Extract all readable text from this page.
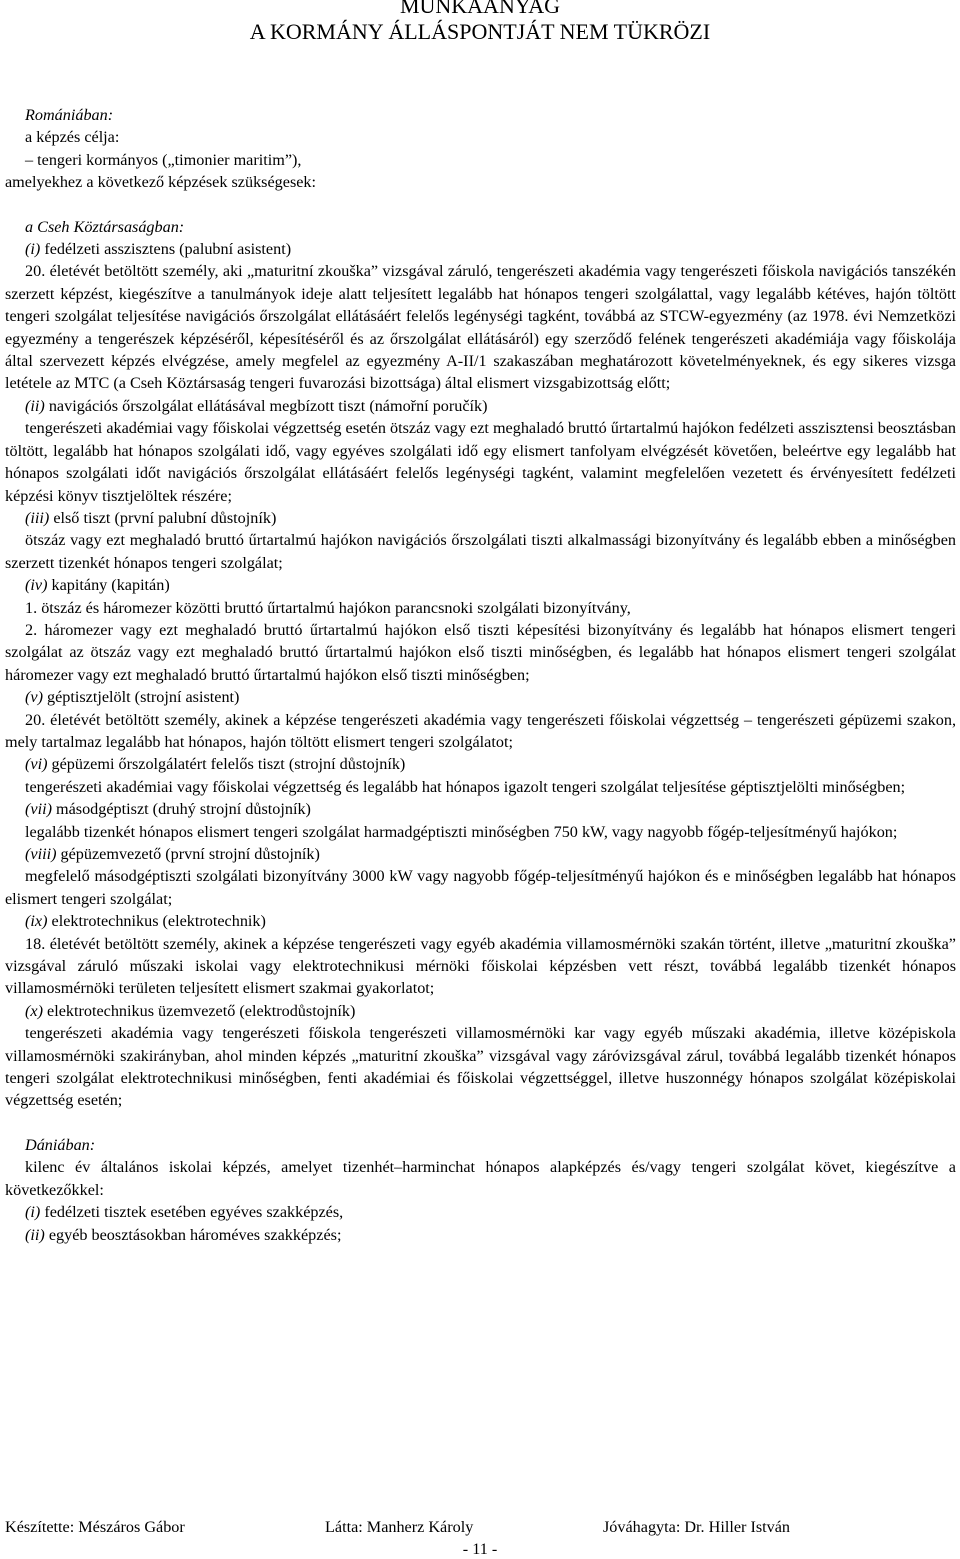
MUNKAANYAG
A KORMÁNY ÁLLÁSPONTJÁT NEM TÜKRÖZI

Romániában:

a képzés célja:

– tengeri kormányos („timonier maritim”),

amelyekhez a következő képzések szükségesek:

a Cseh Köztársaságban:

(i) fedélzeti asszisztens (palubní asistent)

20. életévét betöltött személy, aki „maturitní zkouška” vizsgával záruló, tengerészeti akadémia vagy tengerészeti főiskola navigációs tanszékén szerzett képzést, kiegészítve a tanulmányok ideje alatt teljesített legalább hat hónapos tengeri szolgálattal, vagy legalább kétéves, hajón töltött tengeri szolgálat teljesítése navigációs őrszolgálat ellátásáért felelős legénységi tagként, továbbá az STCW-egyezmény (az 1978. évi Nemzetközi egyezmény a tengerészek képzéséről, képesítéséről és az őrszolgálat ellátásáról) egy szerződő felének tengerészeti akadémiája vagy főiskolája által szervezett képzés elvégzése, amely megfelel az egyezmény A-II/1 szakaszában meghatározott követelményeknek, és egy sikeres vizsga letétele az MTC (a Cseh Köztársaság tengeri fuvarozási bizottsága) által elismert vizsgabizottság előtt;

(ii) navigációs őrszolgálat ellátásával megbízott tiszt (námořní poručík)

tengerészeti akadémiai vagy főiskolai végzettség esetén ötszáz vagy ezt meghaladó bruttó űrtartalmú hajókon fedélzeti asszisztensi beosztásban töltött, legalább hat hónapos szolgálati idő, vagy egyéves szolgálati idő egy elismert tanfolyam elvégzését követően, beleértve egy legalább hat hónapos szolgálati időt navigációs őrszolgálat ellátásáért felelős legénységi tagként, valamint megfelelően vezetett és érvényesített fedélzeti képzési könyv tisztjelöltek részére;

(iii) első tiszt (první palubní důstojník)

ötszáz vagy ezt meghaladó bruttó űrtartalmú hajókon navigációs őrszolgálati tiszti alkalmassági bizonyítvány és legalább ebben a minőségben szerzett tizenkét hónapos tengeri szolgálat;

(iv) kapitány (kapitán)

1. ötszáz és háromezer közötti bruttó űrtartalmú hajókon parancsnoki szolgálati bizonyítvány,

2. háromezer vagy ezt meghaladó bruttó űrtartalmú hajókon első tiszti képesítési bizonyítvány és legalább hat hónapos elismert tengeri szolgálat az ötszáz vagy ezt meghaladó bruttó űrtartalmú hajókon első tiszti minőségben, és legalább hat hónapos elismert tengeri szolgálat háromezer vagy ezt meghaladó bruttó űrtartalmú hajókon első tiszti minőségben;

(v) géptisztjelölt (strojní asistent)

20. életévét betöltött személy, akinek a képzése tengerészeti akadémia vagy tengerészeti főiskolai végzettség – tengerészeti gépüzemi szakon, mely tartalmaz legalább hat hónapos, hajón töltött elismert tengeri szolgálatot;

(vi) gépüzemi őrszolgálatért felelős tiszt (strojní důstojník)

tengerészeti akadémiai vagy főiskolai végzettség és legalább hat hónapos igazolt tengeri szolgálat teljesítése géptisztjelölti minőségben;

(vii) másodgéptiszt (druhý strojní důstojník)

legalább tizenkét hónapos elismert tengeri szolgálat harmadgéptiszti minőségben 750 kW, vagy nagyobb főgép-teljesítményű hajókon;

(viii) gépüzemvezető (první strojní důstojník)

megfelelő másodgéptiszti szolgálati bizonyítvány 3000 kW vagy nagyobb főgép-teljesítményű hajókon és e minőségben legalább hat hónapos elismert tengeri szolgálat;

(ix) elektrotechnikus (elektrotechnik)

18. életévét betöltött személy, akinek a képzése tengerészeti vagy egyéb akadémia villamosmérnöki szakán történt, illetve „maturitní zkouška” vizsgával záruló műszaki iskolai vagy elektrotechnikusi mérnöki főiskolai képzésben vett részt, továbbá legalább tizenkét hónapos villamosmérnöki területen teljesített elismert szakmai gyakorlatot;

(x) elektrotechnikus üzemvezető (elektrodůstojník)

tengerészeti akadémia vagy tengerészeti főiskola tengerészeti villamosmérnöki kar vagy egyéb műszaki akadémia, illetve középiskola villamosmérnöki szakirányban, ahol minden képzés „maturitní zkouška” vizsgával vagy záróvizsgával zárul, továbbá legalább tizenkét hónapos tengeri szolgálat elektrotechnikusi minőségben, fenti akadémiai és főiskolai végzettséggel, illetve huszonnégy hónapos szolgálat középiskolai végzettség esetén;

Dániában:

kilenc év általános iskolai képzés, amelyet tizenhét–harminchat hónapos alapképzés és/vagy tengeri szolgálat követ, kiegészítve a következőkkel:

(i) fedélzeti tisztek esetében egyéves szakképzés,

(ii) egyéb beosztásokban hároméves szakképzés;

Készítette: Mészáros Gábor	Látta: Manherz Károly	Jóváhagyta: Dr. Hiller István
- 11 -
